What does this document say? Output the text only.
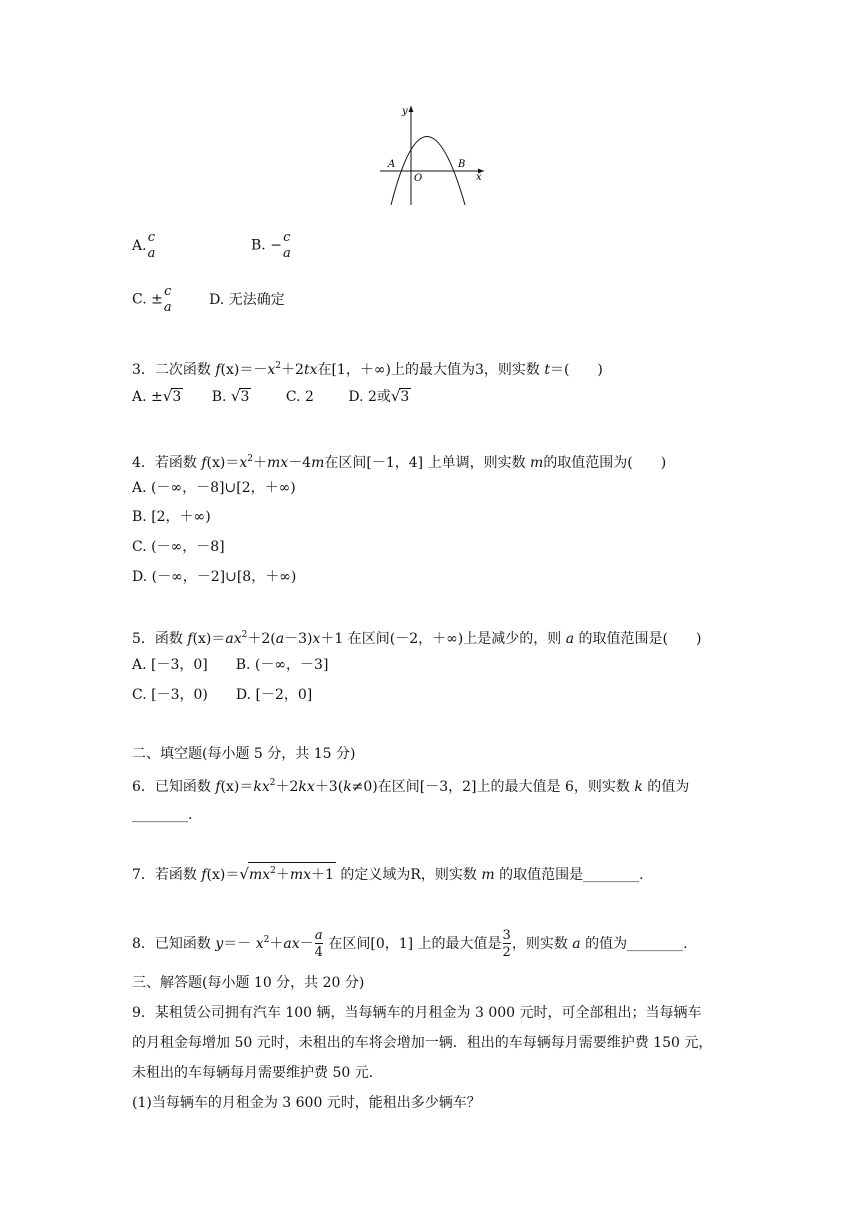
y
x
A	B
O
A. c
a	B. − c
a
C. ± c
a	D. 无法确定
3．二次函数 $f(x)=-x^2+2tx$在[1，＋∞)上的最大值为3，则实数 t＝(　　)
A. ±√3 B. √3	C. 2 D. 2或√3
4．若函数 $f(x)=x^2+mx-4m$在区间[－1，4] 上单调，则实数 m的取值范围为(　　)
A. (－∞，－8]∪[2，＋∞)
B. [2，＋∞)
C. (－∞，－8]
D. (－∞，－2]∪[8，＋∞)
5．函数 $f(x)=ax^2+2(a-3)x+1$ 在区间(－2，＋∞)上是减少的，则 a 的取值范围是(　　)
A. [－3，0]　　B. (－∞，－3]
C. [－3，0)　　D. [－2，0]
二、填空题(每小题 5 分，共 15 分)
6．已知函数 $f(x)=kx^2+2kx+3(k\ne 0)$在区间[－3，2]上的最大值是 6，则实数 k 的值为
________.
7．若函数 $f(x)=√mx^2+mx+1$ 的定义域为R，则实数 m 的取值范围是________.
8．已知函数 $y=- x^2+ax- \frac{a}{4}$ 在区间[0，1] 上的最大值是 $\frac{3}{2}$ ，则实数 a 的值为________.
三、解答题(每小题 10 分，共 20 分)
9．某租赁公司拥有汽车 100 辆，当每辆车的月租金为 3 000 元时，可全部租出；当每辆车
的月租金每增加 50 元时，未租出的车将会增加一辆．租出的车每辆每月需要维护费 150 元，
未租出的车每辆每月需要维护费 50 元．
(1)当每辆车的月租金为 3 600 元时，能租出多少辆车？
